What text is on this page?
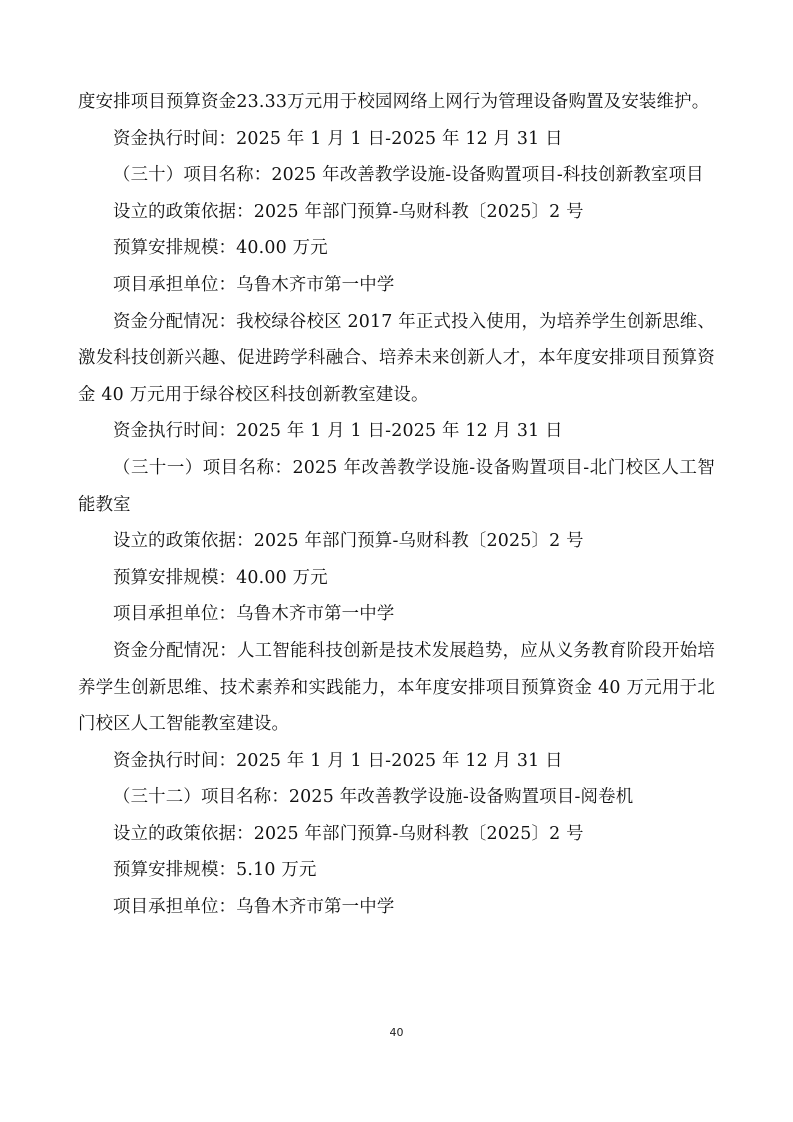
度安排项目预算资金23.33万元用于校园网络上网行为管理设备购置及安装维护。

资金执行时间：2025 年 1 月 1 日-2025 年 12 月 31 日

（三十）项目名称：2025 年改善教学设施-设备购置项目-科技创新教室项目

设立的政策依据：2025 年部门预算-乌财科教〔2025〕2 号

预算安排规模：40.00 万元

项目承担单位：乌鲁木齐市第一中学

资金分配情况：我校绿谷校区 2017 年正式投入使用，为培养学生创新思维、激发科技创新兴趣、促进跨学科融合、培养未来创新人才，本年度安排项目预算资金 40 万元用于绿谷校区科技创新教室建设。

资金执行时间：2025 年 1 月 1 日-2025 年 12 月 31 日

（三十一）项目名称：2025 年改善教学设施-设备购置项目-北门校区人工智能教室

设立的政策依据：2025 年部门预算-乌财科教〔2025〕2 号

预算安排规模：40.00 万元

项目承担单位：乌鲁木齐市第一中学

资金分配情况：人工智能科技创新是技术发展趋势，应从义务教育阶段开始培养学生创新思维、技术素养和实践能力，本年度安排项目预算资金 40 万元用于北门校区人工智能教室建设。

资金执行时间：2025 年 1 月 1 日-2025 年 12 月 31 日

（三十二）项目名称：2025 年改善教学设施-设备购置项目-阅卷机

设立的政策依据：2025 年部门预算-乌财科教〔2025〕2 号

预算安排规模：5.10 万元

项目承担单位：乌鲁木齐市第一中学

40
